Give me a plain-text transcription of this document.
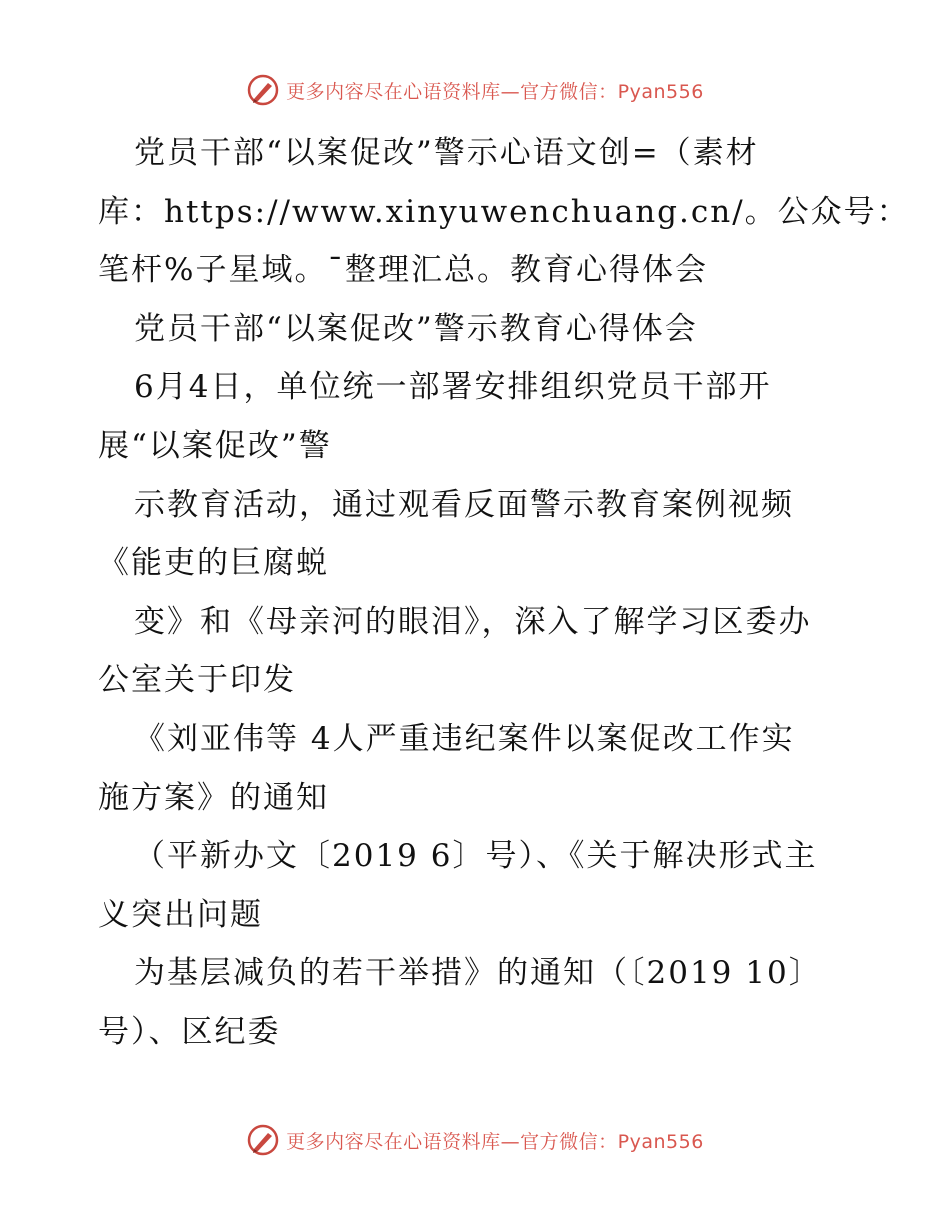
更多内容尽在心语资料库—官方微信：Pyan556
党员干部“以案促改”警示心语文创=（素材
库：https://www.xinyuwenchuang.cn/。公众号：
笔杆%子星域。¯整理汇总。教育心得体会
党员干部“以案促改”警示教育心得体会
6月4日，单位统一部署安排组织党员干部开
展“以案促改”警
示教育活动，通过观看反面警示教育案例视频
《能吏的巨腐蜕
变》和《母亲河的眼泪》，深入了解学习区委办
公室关于印发
《刘亚伟等 4人严重违纪案件以案促改工作实
施方案》的通知
（平新办文〔2019 6〕号）、《关于解决形式主
义突出问题
为基层减负的若干举措》的通知（〔2019 10〕
号）、区纪委
更多内容尽在心语资料库—官方微信：Pyan556
